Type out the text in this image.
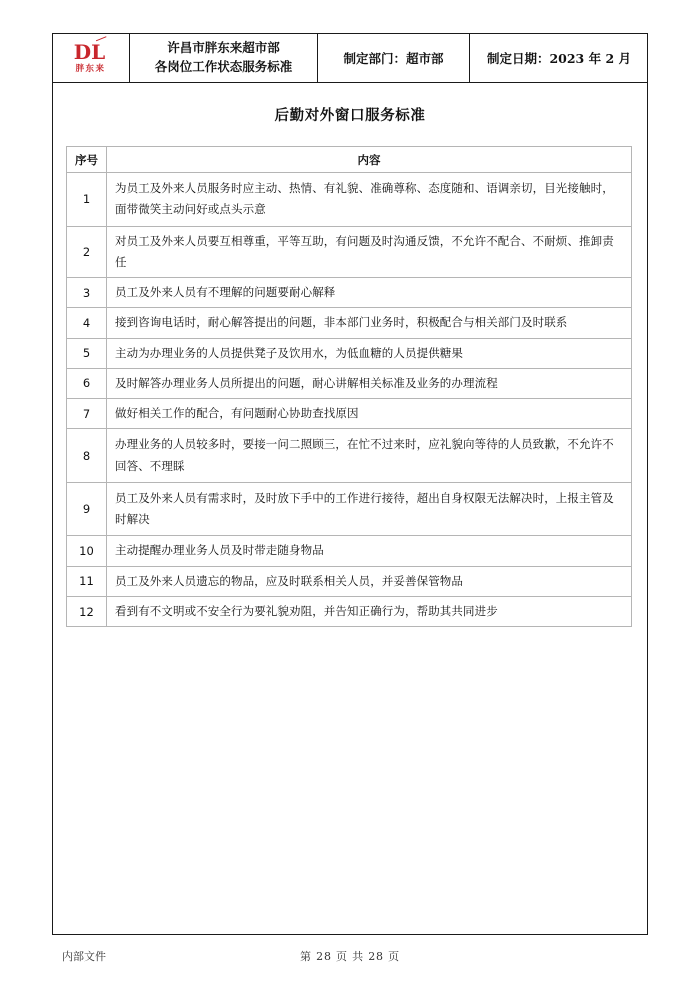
DL
胖东来
许昌市胖东来超市部
各岗位工作状态服务标准
制定部门：超市部	制定日期：2023 年 2 月
后勤对外窗口服务标准
序号	内容
1	为员工及外来人员服务时应主动、热情、有礼貌、准确尊称、态度随和、语调亲切，目光接触时，面带微笑主动问好或点头示意
2	对员工及外来人员要互相尊重，平等互助，有问题及时沟通反馈，不允许不配合、不耐烦、推卸责任
3	员工及外来人员有不理解的问题要耐心解释
4	接到咨询电话时，耐心解答提出的问题，非本部门业务时，积极配合与相关部门及时联系
5	主动为办理业务的人员提供凳子及饮用水，为低血糖的人员提供糖果
6	及时解答办理业务人员所提出的问题，耐心讲解相关标准及业务的办理流程
7	做好相关工作的配合，有问题耐心协助查找原因
8	办理业务的人员较多时，要接一问二照顾三，在忙不过来时，应礼貌向等待的人员致歉，不允许不回答、不理睬
9	员工及外来人员有需求时，及时放下手中的工作进行接待，超出自身权限无法解决时，上报主管及时解决
10	主动提醒办理业务人员及时带走随身物品
11	员工及外来人员遗忘的物品，应及时联系相关人员，并妥善保管物品
12	看到有不文明或不安全行为要礼貌劝阻，并告知正确行为，帮助其共同进步
内部文件	第 28 页 共 28 页
